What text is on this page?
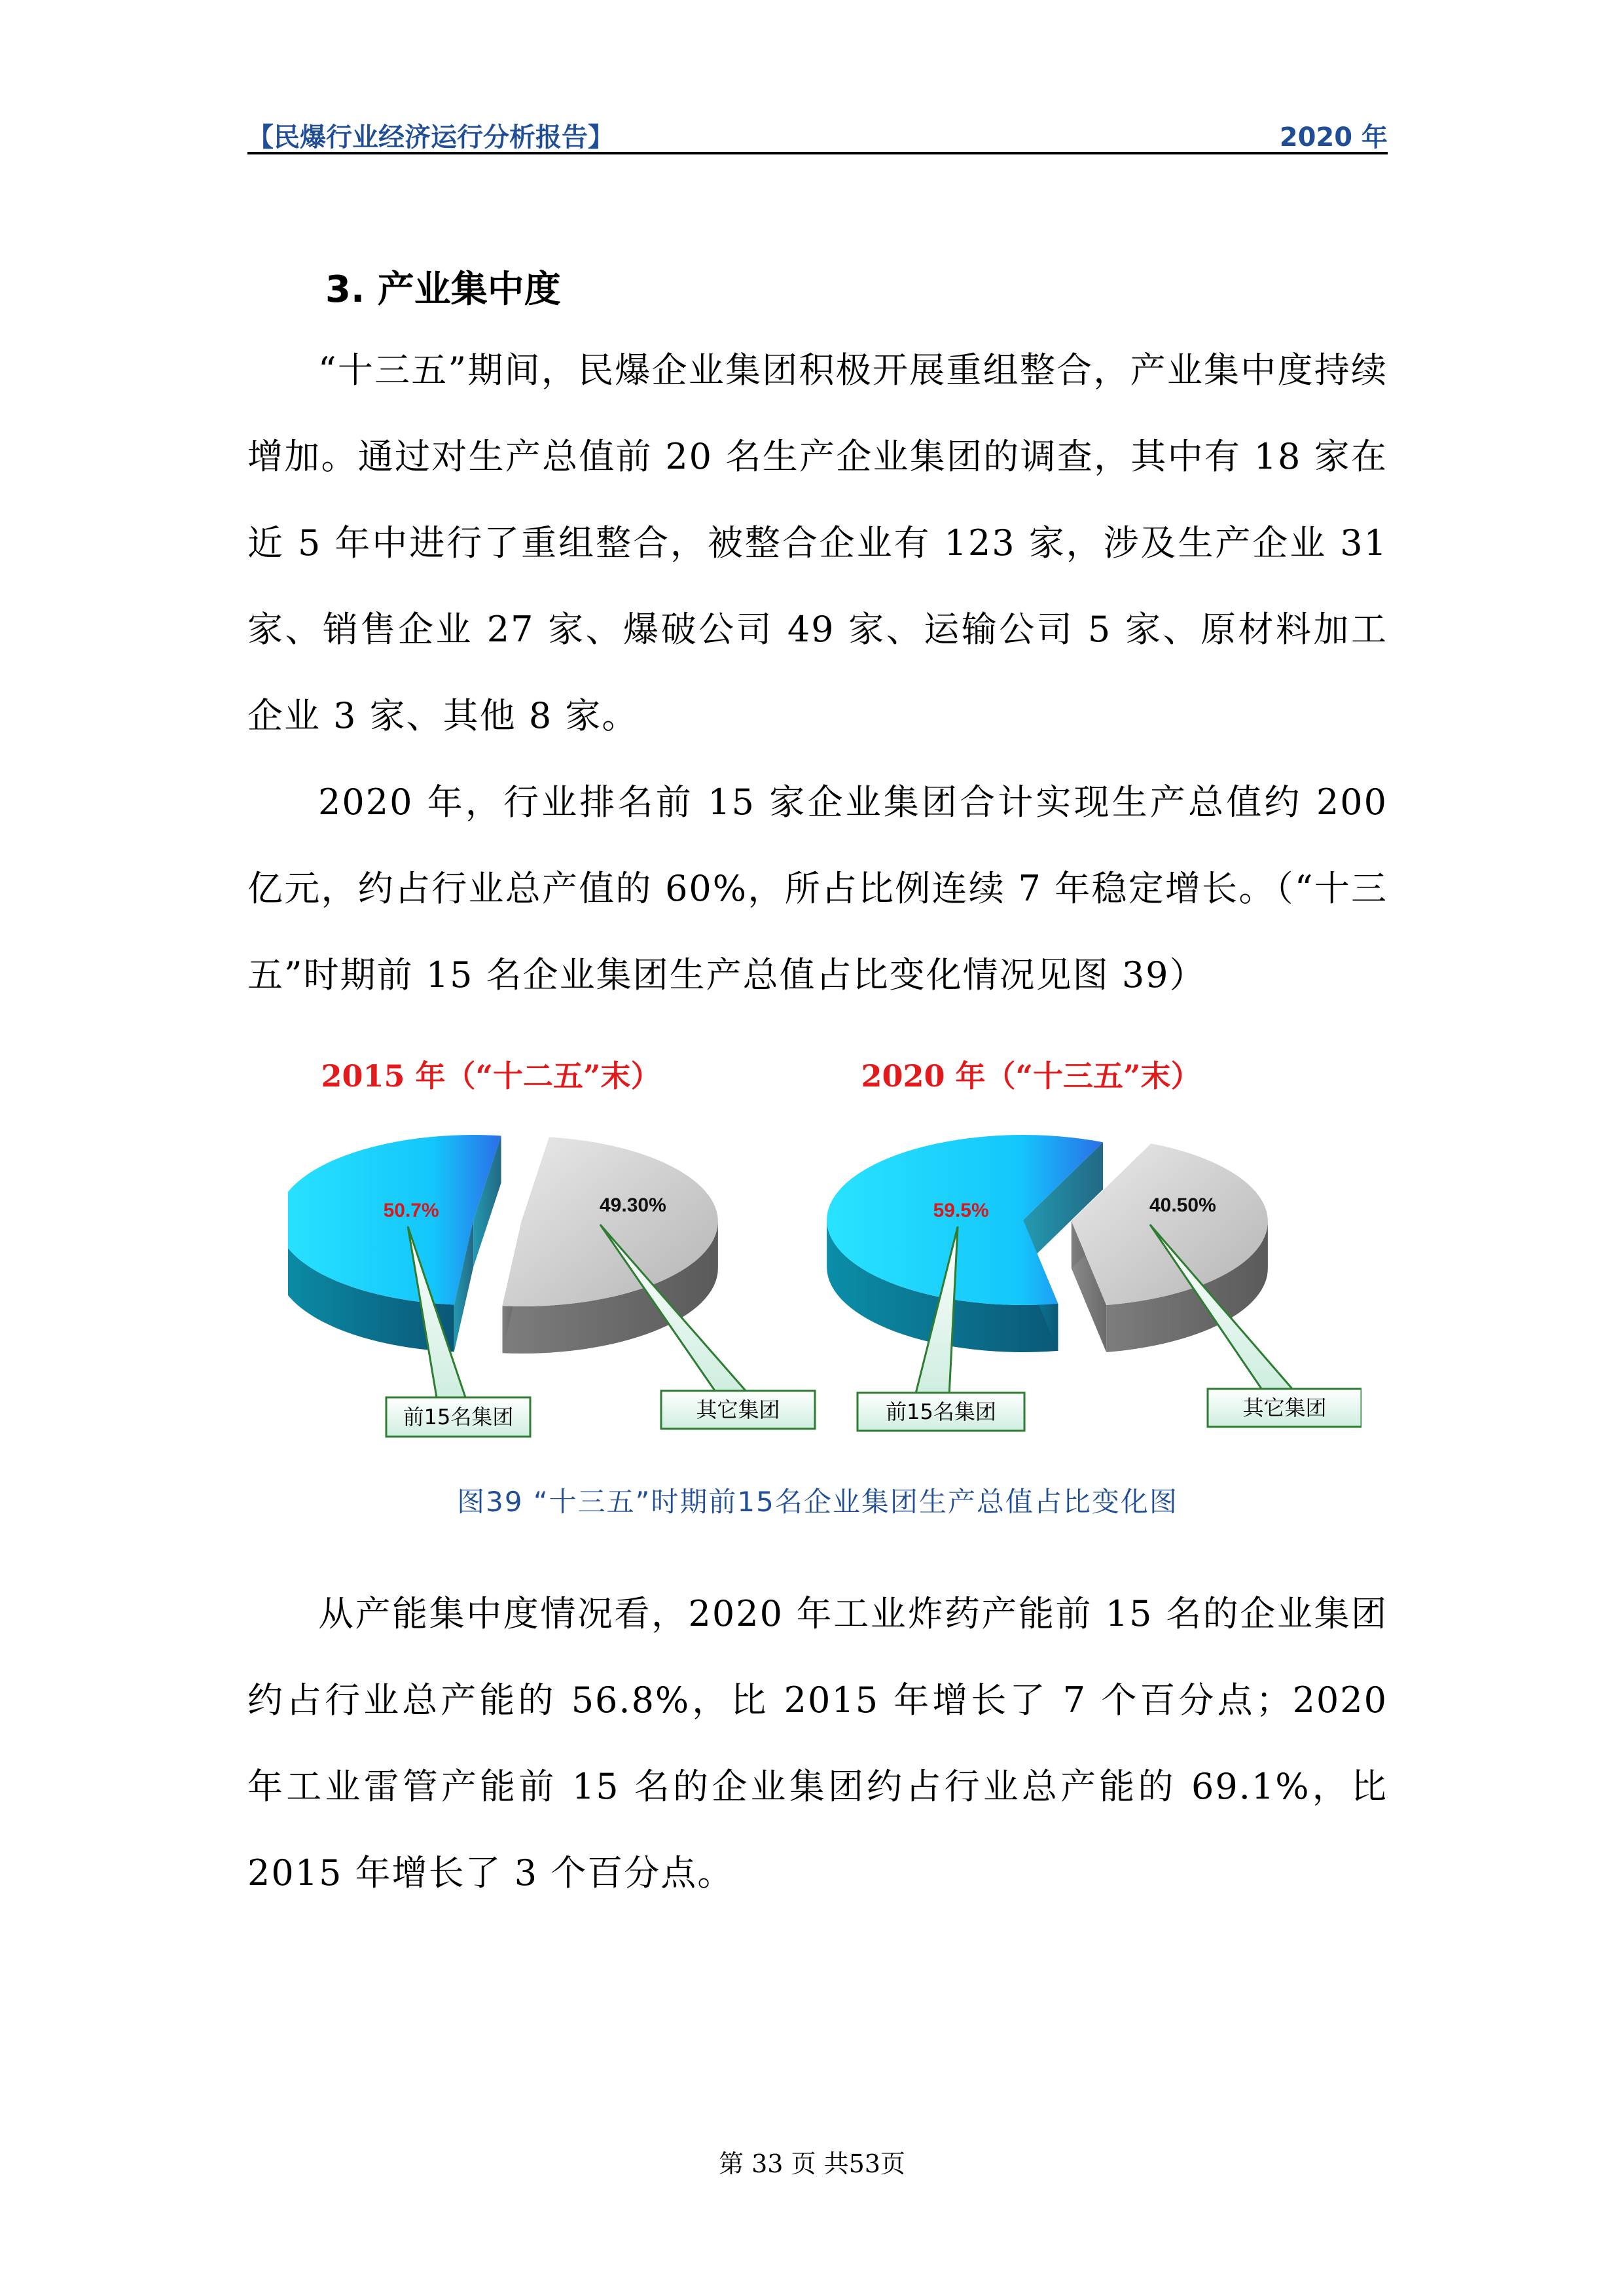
【民爆行业经济运行分析报告】	2020 年
3. 产业集中度

“十三五”期间，民爆企业集团积极开展重组整合，产业集中度持续增加。通过对生产总值前 20 名生产企业集团的调查，其中有 18 家在近 5 年中进行了重组整合，被整合企业有 123 家，涉及生产企业 31 家、销售企业 27 家、爆破公司 49 家、运输公司 5 家、原材料加工企业 3 家、其他 8 家。

2020 年，行业排名前 15 家企业集团合计实现生产总值约 200 亿元，约占行业总产值的 60%，所占比例连续 7 年稳定增长。（“十三五”时期前 15 名企业集团生产总值占比变化情况见图 39）

2015 年（“十二五”末）
50.7%	49.30%
前15名集团	其它集团
2020 年（“十三五”末）
59.5%	40.50%
前15名集团	其它集团
图39 “十三五”时期前15名企业集团生产总值占比变化图

从产能集中度情况看，2020 年工业炸药产能前 15 名的企业集团约占行业总产能的 56.8%，比 2015 年增长了 7 个百分点；2020 年工业雷管产能前 15 名的企业集团约占行业总产能的 69.1%，比 2015 年增长了 3 个百分点。

第 33 页 共53页
